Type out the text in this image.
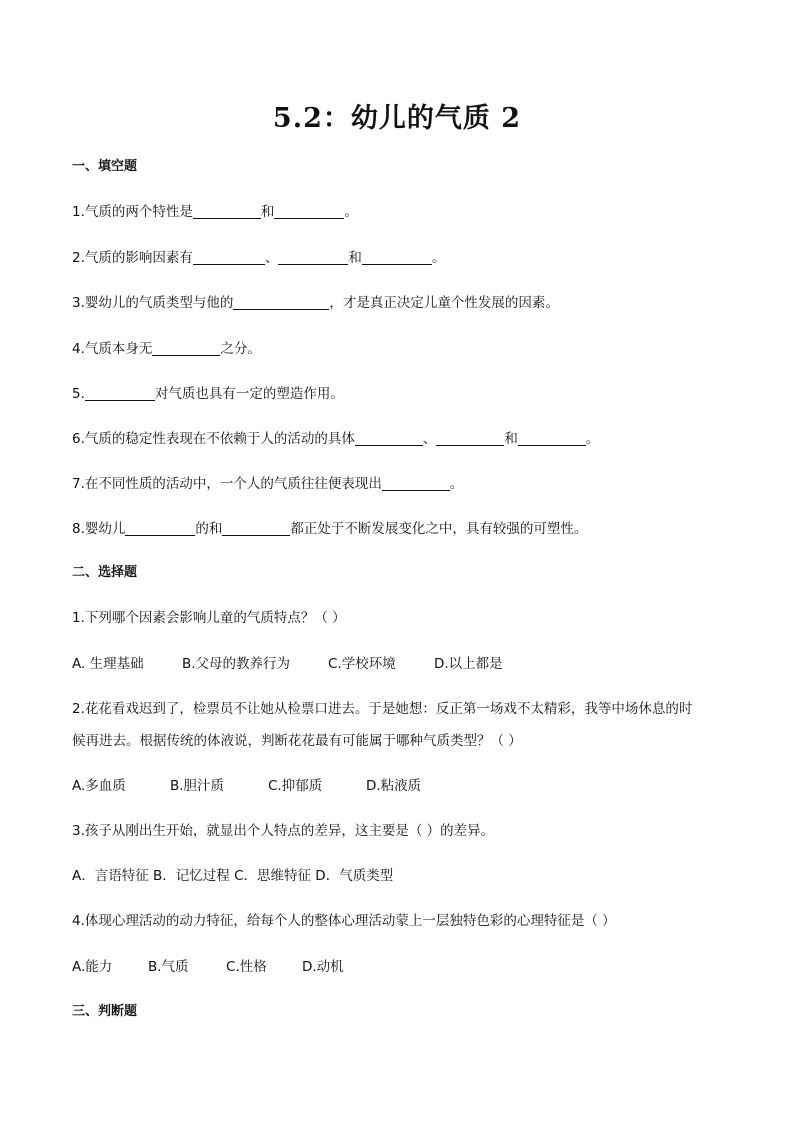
5.2：幼儿的气质 2
一、填空题
1.气质的两个特性是	和	。
2.气质的影响因素有	、	和	。
3.婴幼儿的气质类型与他的	，才是真正决定儿童个性发展的因素。
4.气质本身无	之分。
5.	对气质也具有一定的塑造作用。
6.气质的稳定性表现在不依赖于人的活动的具体	、	和	。
7.在不同性质的活动中，一个人的气质往往便表现出	。
8.婴幼儿	的和	都正处于不断发展变化之中，具有较强的可塑性。
二、选择题
1.下列哪个因素会影响儿童的气质特点？（ ）
A. 生理基础	B.父母的教养行为	C.学校环境	D.以上都是
2.花花看戏迟到了，检票员不让她从检票口进去。于是她想：反正第一场戏不太精彩，我等中场休息的时
候再进去。根据传统的体液说，判断花花最有可能属于哪种气质类型？（ ）
A.多血质	B.胆汁质	C.抑郁质	D.粘液质
3.孩子从刚出生开始，就显出个人特点的差异，这主要是（ ）的差异。
A．言语特征 B．记忆过程 C．思维特征 D．气质类型
4.体现心理活动的动力特征，给每个人的整体心理活动蒙上一层独特色彩的心理特征是（ ）
A.能力	B.气质	C.性格	D.动机
三、判断题
